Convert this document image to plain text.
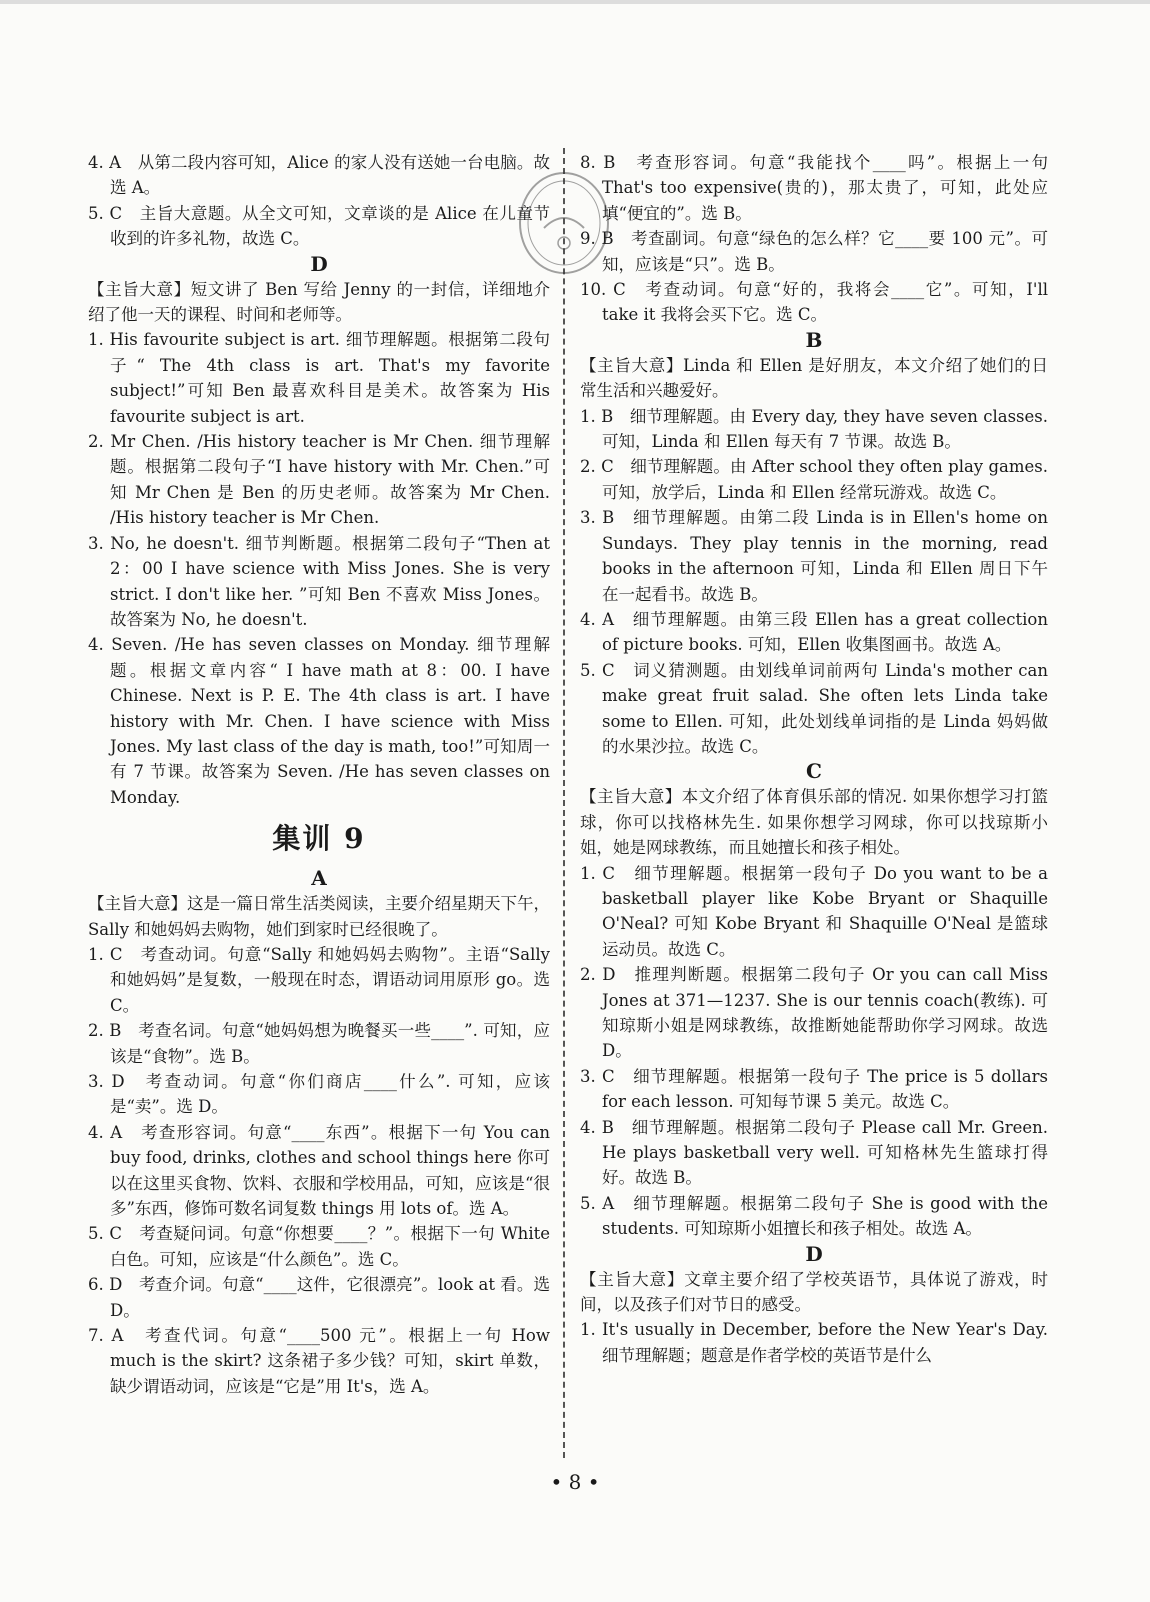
4. A　从第二段内容可知，Alice 的家人没有送她一台电脑。故选 A。

5. C　主旨大意题。从全文可知，文章谈的是 Alice 在儿童节收到的许多礼物，故选 C。

D

【主旨大意】短文讲了 Ben 写给 Jenny 的一封信，详细地介绍了他一天的课程、时间和老师等。

1. His favourite subject is art. 细节理解题。根据第二段句子“ The 4th class is art. That's my favorite subject!”可知 Ben 最喜欢科目是美术。故答案为 His favourite subject is art.

2. Mr Chen. /His history teacher is Mr Chen. 细节理解题。根据第二段句子“I have history with Mr. Chen.”可知 Mr Chen 是 Ben 的历史老师。故答案为 Mr Chen. /His history teacher is Mr Chen.

3. No, he doesn't. 细节判断题。根据第二段句子“Then at 2：00 I have science with Miss Jones. She is very strict. I don't like her. ”可知 Ben 不喜欢 Miss Jones。故答案为 No, he doesn't.

4. Seven. /He has seven classes on Monday. 细节理解题。根据文章内容“ I have math at 8：00. I have Chinese. Next is P. E. The 4th class is art. I have history with Mr. Chen. I have science with Miss Jones. My last class of the day is math, too!”可知周一有 7 节课。故答案为 Seven. /He has seven classes on Monday.

集训 9

A

【主旨大意】这是一篇日常生活类阅读，主要介绍星期天下午，Sally 和她妈妈去购物，她们到家时已经很晚了。

1. C　考查动词。句意“Sally 和她妈妈去购物”。主语“Sally 和她妈妈”是复数，一般现在时态，谓语动词用原形 go。选 C。

2. B　考查名词。句意“她妈妈想为晚餐买一些____”. 可知，应该是“食物”。选 B。

3. D　考查动词。句意“你们商店____什么”. 可知，应该是“卖”。选 D。

4. A　考查形容词。句意“____东西”。根据下一句 You can buy food, drinks, clothes and school things here 你可以在这里买食物、饮料、衣服和学校用品，可知，应该是“很多”东西，修饰可数名词复数 things 用 lots of。选 A。

5. C　考查疑问词。句意“你想要____？”。根据下一句 White 白色。可知，应该是“什么颜色”。选 C。

6. D　考查介词。句意“____这件，它很漂亮”。look at 看。选 D。

7. A　考查代词。句意“____500 元”。根据上一句 How much is the skirt? 这条裙子多少钱？可知，skirt 单数，缺少谓语动词，应该是“它是”用 It's，选 A。

8. B　考查形容词。句意“我能找个____吗”。根据上一句 That's too expensive(贵的)，那太贵了，可知，此处应填“便宜的”。选 B。

9. B　考查副词。句意“绿色的怎么样？它____要 100 元”。可知，应该是“只”。选 B。

10. C　考查动词。句意“好的，我将会____它”。可知，I'll take it 我将会买下它。选 C。

B

【主旨大意】Linda 和 Ellen 是好朋友，本文介绍了她们的日常生活和兴趣爱好。

1. B　细节理解题。由 Every day, they have seven classes. 可知，Linda 和 Ellen 每天有 7 节课。故选 B。

2. C　细节理解题。由 After school they often play games. 可知，放学后，Linda 和 Ellen 经常玩游戏。故选 C。

3. B　细节理解题。由第二段 Linda is in Ellen's home on Sundays. They play tennis in the morning, read books in the afternoon 可知，Linda 和 Ellen 周日下午在一起看书。故选 B。

4. A　细节理解题。由第三段 Ellen has a great collection of picture books. 可知，Ellen 收集图画书。故选 A。

5. C　词义猜测题。由划线单词前两句 Linda's mother can make great fruit salad. She often lets Linda take some to Ellen. 可知，此处划线单词指的是 Linda 妈妈做的水果沙拉。故选 C。

C

【主旨大意】本文介绍了体育俱乐部的情况. 如果你想学习打篮球，你可以找格林先生. 如果你想学习网球，你可以找琼斯小姐，她是网球教练，而且她擅长和孩子相处。

1. C　细节理解题。根据第一段句子 Do you want to be a basketball player like Kobe Bryant or Shaquille O'Neal? 可知 Kobe Bryant 和 Shaquille O'Neal 是篮球运动员。故选 C。

2. D　推理判断题。根据第二段句子 Or you can call Miss Jones at 371—1237. She is our tennis coach(教练). 可知琼斯小姐是网球教练，故推断她能帮助你学习网球。故选 D。

3. C　细节理解题。根据第一段句子 The price is 5 dollars for each lesson. 可知每节课 5 美元。故选 C。

4. B　细节理解题。根据第二段句子 Please call Mr. Green. He plays basketball very well. 可知格林先生篮球打得好。故选 B。

5. A　细节理解题。根据第二段句子 She is good with the students. 可知琼斯小姐擅长和孩子相处。故选 A。

D

【主旨大意】文章主要介绍了学校英语节，具体说了游戏，时间，以及孩子们对节日的感受。

1. It's usually in December, before the New Year's Day. 细节理解题；题意是作者学校的英语节是什么

• 8 •
